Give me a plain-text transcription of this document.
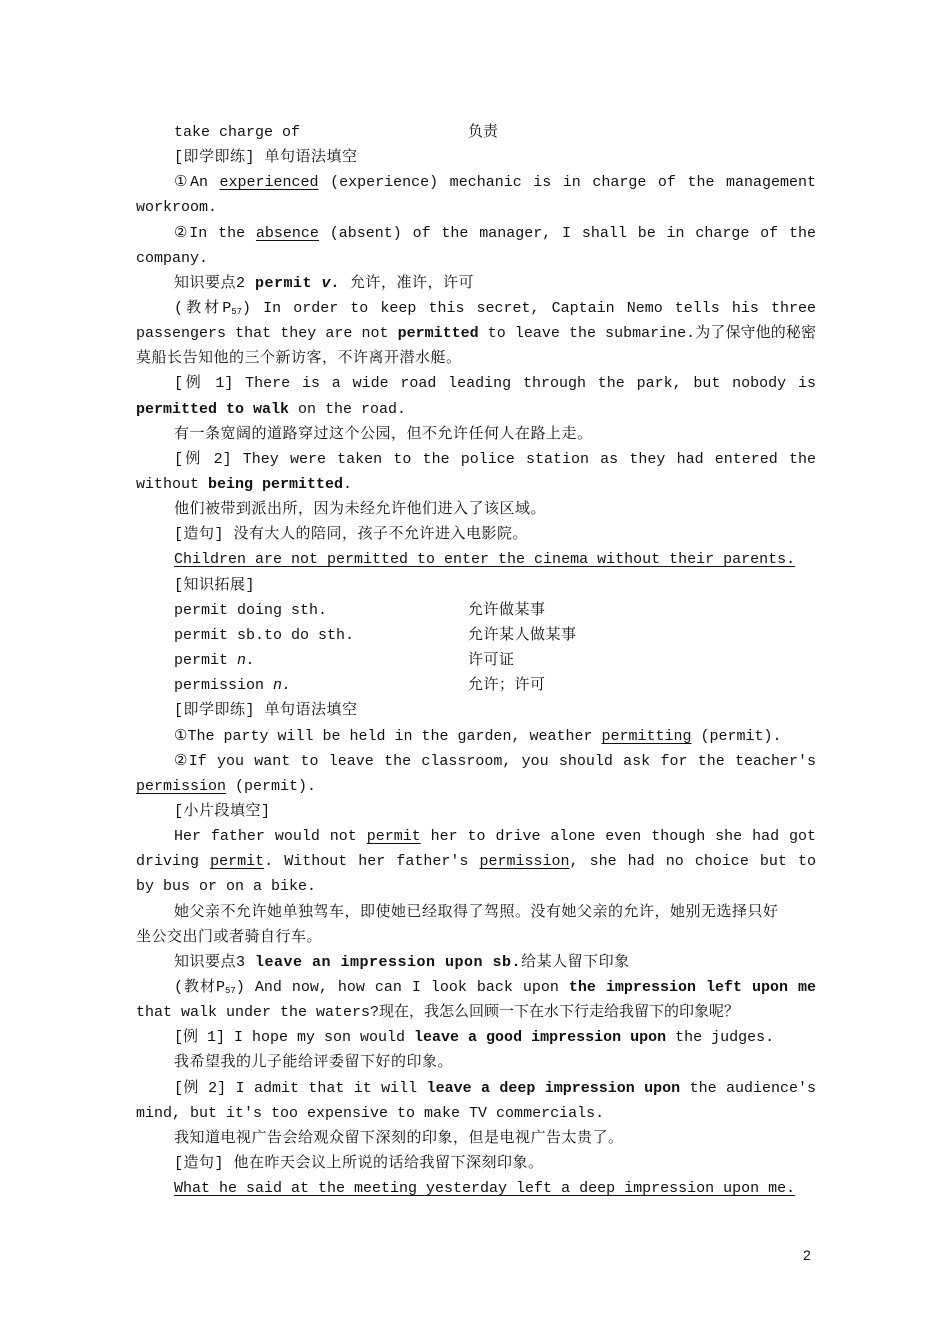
take charge of	负责
[即学即练] 单句语法填空
①An experienced (experience) mechanic is in charge of the management
workroom.
②In the absence (absent) of the manager, I shall be in charge of the
company.
知识要点2 permit v. 允许，准许，许可
(教材$P_{57}$) In order to keep this secret, Captain Nemo tells his three
passengers that they are not permitted to leave the submarine.为了保守他的秘密
莫船长告知他的三个新访客，不许离开潜水艇。
[例 1] There is a wide road leading through the park, but nobody is
permitted to walk on the road.
有一条宽阔的道路穿过这个公园，但不允许任何人在路上走。
[例 2] They were taken to the police station as they had entered the
without being permitted.
他们被带到派出所，因为未经允许他们进入了该区域。
[造句] 没有大人的陪同，孩子不允许进入电影院。
Children are not permitted to enter the cinema without their parents.
[知识拓展]
permit doing sth.	允许做某事
permit sb.to do sth.	允许某人做某事
permit n.	许可证
permission n.	允许；许可
[即学即练] 单句语法填空
①The party will be held in the garden, weather permitting (permit).
②If you want to leave the classroom, you should ask for the teacher's
permission (permit).
[小片段填空]
Her father would not permit her to drive alone even though she had got
driving permit. Without her father's permission, she had no choice but to
by bus or on a bike.
她父亲不允许她单独驾车，即使她已经取得了驾照。没有她父亲的允许，她别无选择只好
坐公交出门或者骑自行车。
知识要点3 leave an impression upon sb.给某人留下印象
(教材$P_{57}$) And now, how can I look back upon the impression left upon me
that walk under the waters?现在，我怎么回顾一下在水下行走给我留下的印象呢？
[例 1] I hope my son would leave a good impression upon the judges.
我希望我的儿子能给评委留下好的印象。
[例 2] I admit that it will leave a deep impression upon the audience's
mind, but it's too expensive to make TV commercials.
我知道电视广告会给观众留下深刻的印象，但是电视广告太贵了。
[造句] 他在昨天会议上所说的话给我留下深刻印象。
What he said at the meeting yesterday left a deep impression upon me.
2
